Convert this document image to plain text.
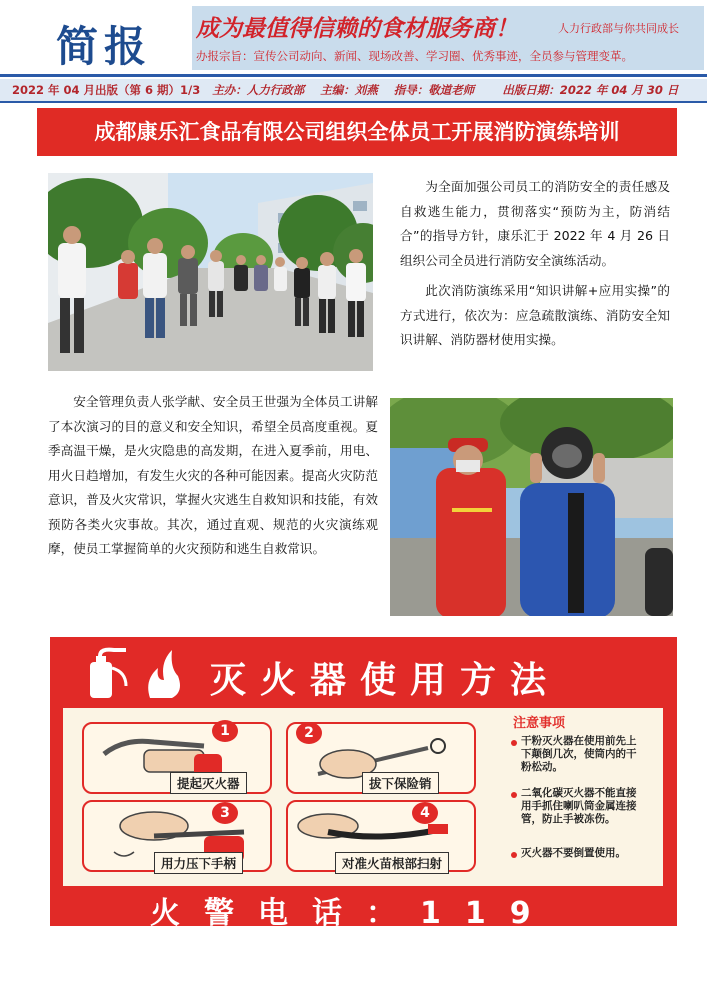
简报 成为最值得信赖的食材服务商！	人力行政部与你共同成长
办报宗旨：宣传公司动向、新闻、现场改善、学习圈、优秀事迹，全员参与管理变革。
2022 年 04 月出版（第 6 期）1/3 主办：人力行政部 主编：刘燕 指导：敬道老师 出版日期：2022 年 04 月 30 日
成都康乐汇食品有限公司组织全体员工开展消防演练培训

为全面加强公司员工的消防安全的责任感及自救逃生能力，贯彻落实“预防为主，防消结合”的指导方针，康乐汇于 2022 年 4 月 26 日组织公司全员进行消防安全演练活动。

此次消防演练采用“知识讲解+应用实操”的方式进行，依次为：应急疏散演练、消防安全知识讲解、消防器材使用实操。

安全管理负责人张学献、安全员王世强为全体员工讲解了本次演习的目的意义和安全知识，希望全员高度重视。夏季高温干燥，是火灾隐患的高发期，在进入夏季前，用电、用火日趋增加，有发生火灾的各种可能因素。提高火灾防范意识，普及火灾常识，掌握火灾逃生自救知识和技能，有效预防各类火灾事故。其次，通过直观、规范的火灾演练观摩，使员工掌握简单的火灾预防和逃生自救常识。

灭火器使用方法
1
提起灭火器
2
拔下保险销
3
用力压下手柄
4
对准火苗根部扫射
注意事项
干粉灭火器在使用前先上下颠倒几次，使筒内的干粉松动。
二氧化碳灭火器不能直接用手抓住喇叭筒金属连接管，防止手被冻伤。
灭火器不要倒置使用。
火警电话：119
